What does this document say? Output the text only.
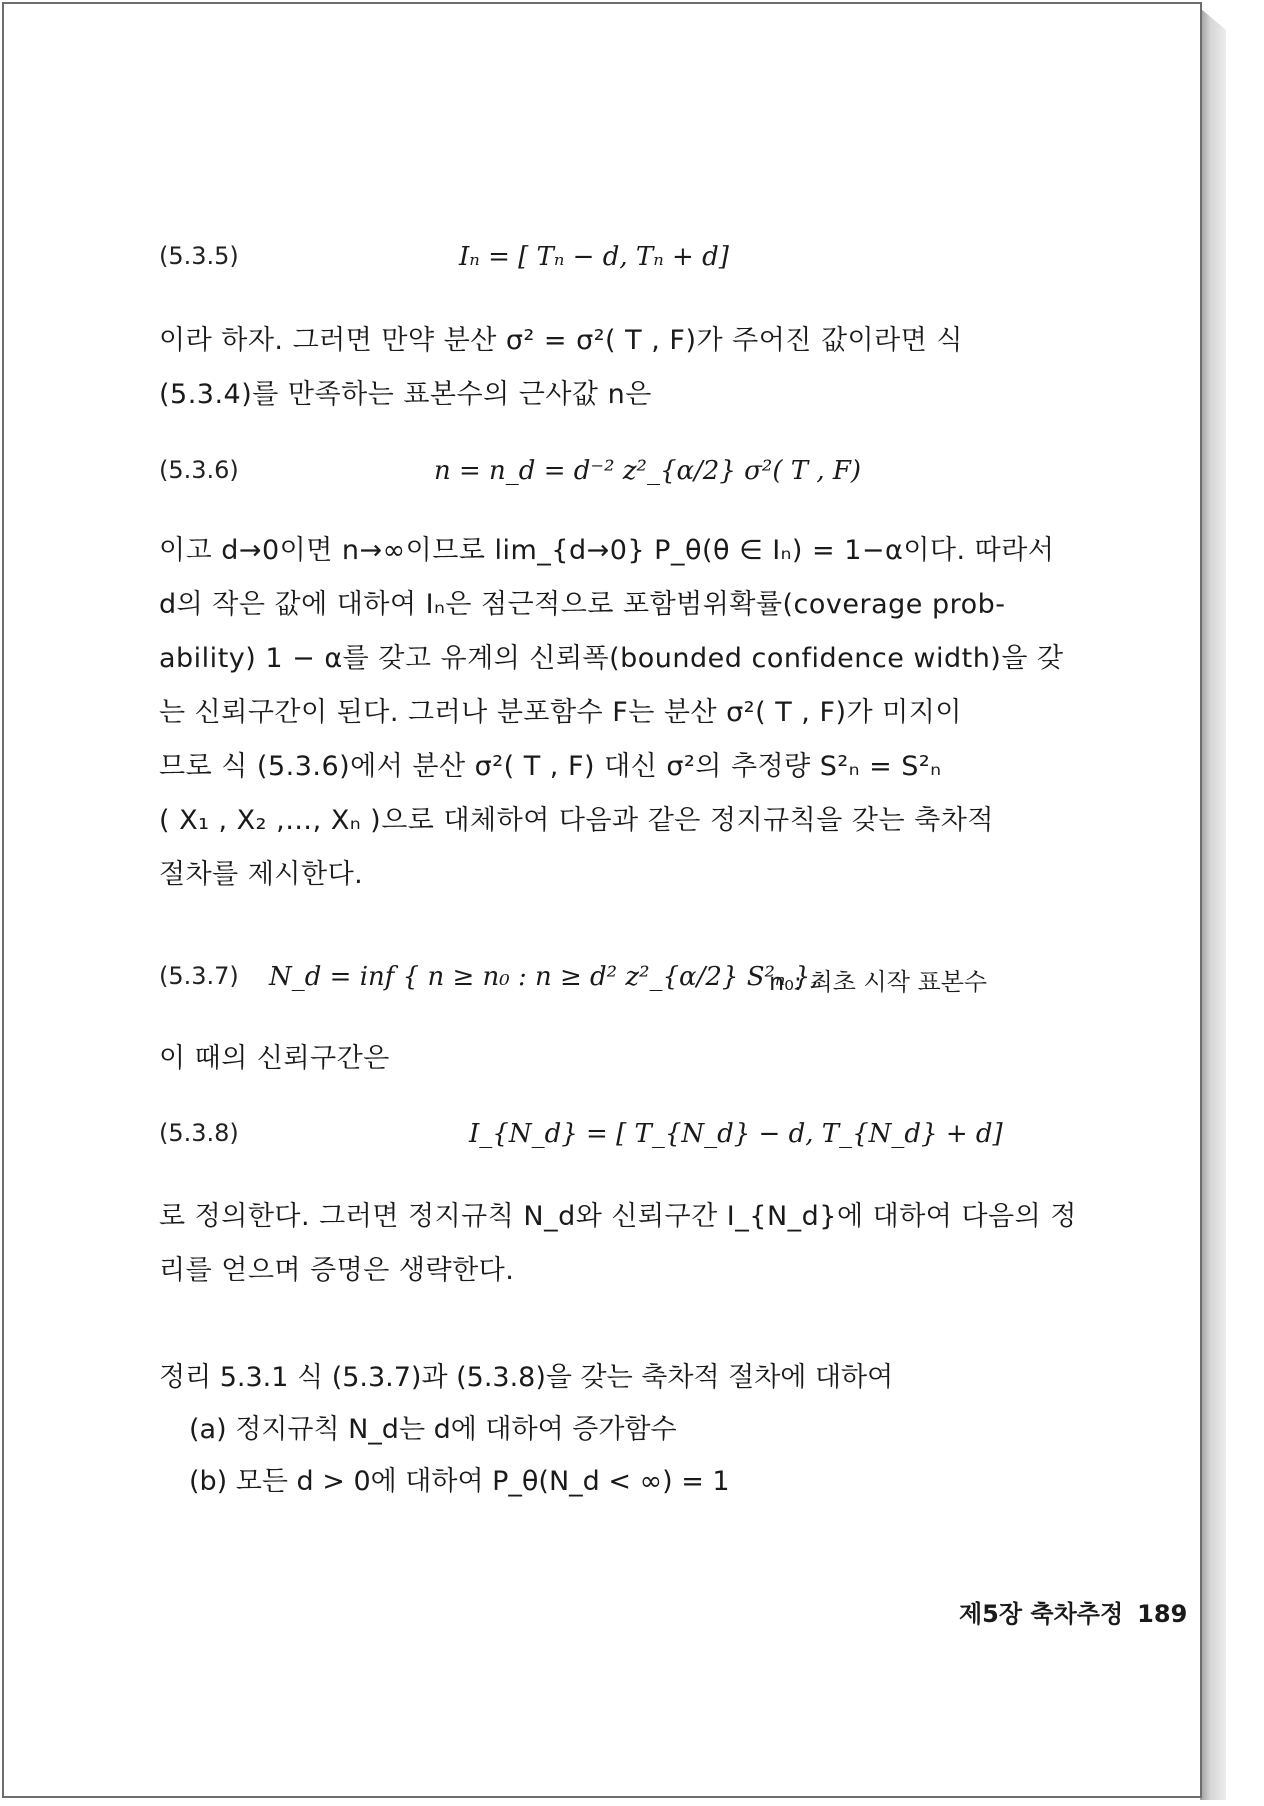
(5.3.5)	Iₙ = [ Tₙ − d, Tₙ + d]
이라 하자. 그러면 만약 분산 σ² = σ²( T , F)가 주어진 값이라면 식
(5.3.4)를 만족하는 표본수의 근사값 n은
(5.3.6)	n = n_d = d⁻² z²_{α/2} σ²( T , F)
이고 d→0이면 n→∞이므로 lim_{d→0} P_θ(θ ∈ Iₙ) = 1−α이다. 따라서
d의 작은 값에 대하여 Iₙ은 점근적으로 포함범위확률(coverage prob-
ability) 1 − α를 갖고 유계의 신뢰폭(bounded confidence width)을 갖
는 신뢰구간이 된다. 그러나 분포함수 F는 분산 σ²( T , F)가 미지이
므로 식 (5.3.6)에서 분산 σ²( T , F) 대신 σ²의 추정량 S²ₙ = S²ₙ
( X₁ , X₂ ,…, Xₙ )으로 대체하여 다음과 같은 정지규칙을 갖는 축차적
절차를 제시한다.
(5.3.7) N_d = inf { n ≥ n₀ : n ≥ d² z²_{α/2} S²ₙ },
n₀: 최초 시작 표본수
이 때의 신뢰구간은
(5.3.8)	I_{N_d} = [ T_{N_d} − d, T_{N_d} + d]
로 정의한다. 그러면 정지규칙 N_d와 신뢰구간 I_{N_d}에 대하여 다음의 정
리를 얻으며 증명은 생략한다.
정리 5.3.1 식 (5.3.7)과 (5.3.8)을 갖는 축차적 절차에 대하여
(a) 정지규칙 N_d는 d에 대하여 증가함수
(b) 모든 d > 0에 대하여 P_θ(N_d < ∞) = 1
제5장 축차추정 189
